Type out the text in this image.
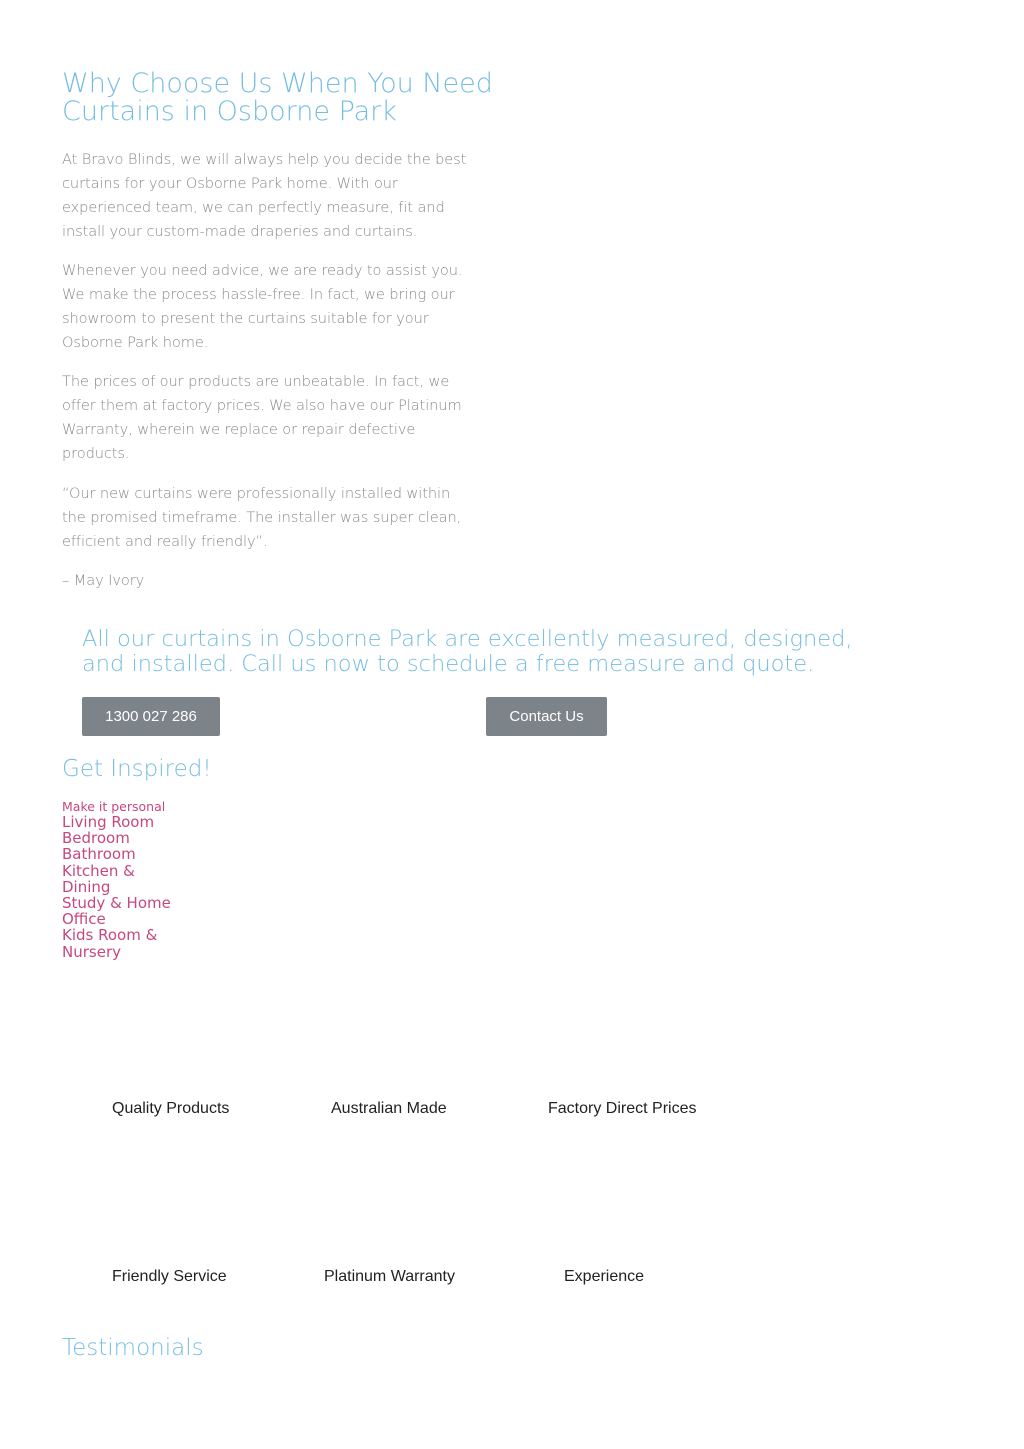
Why Choose Us When You Need Curtains in Osborne Park

At Bravo Blinds, we will always help you decide the best curtains for your Osborne Park home. With our experienced team, we can perfectly measure, fit and install your custom-made draperies and curtains.

Whenever you need advice, we are ready to assist you. We make the process hassle-free. In fact, we bring our showroom to present the curtains suitable for your Osborne Park home.

The prices of our products are unbeatable. In fact, we offer them at factory prices. We also have our Platinum Warranty, wherein we replace or repair defective products.

“Our new curtains were professionally installed within the promised timeframe. The installer was super clean, efficient and really friendly”.

– May Ivory

All our curtains in Osborne Park are excellently measured, designed, and installed. Call us now to schedule a free measure and quote.
1300 027 286	Contact Us
Get Inspired!
Make it personal
Living Room
Bedroom
Bathroom
Kitchen & Dining
Study & Home Office
Kids Room & Nursery
Quality Products	Australian Made	Factory Direct Prices
Friendly Service	Platinum Warranty	Experience
Testimonials
